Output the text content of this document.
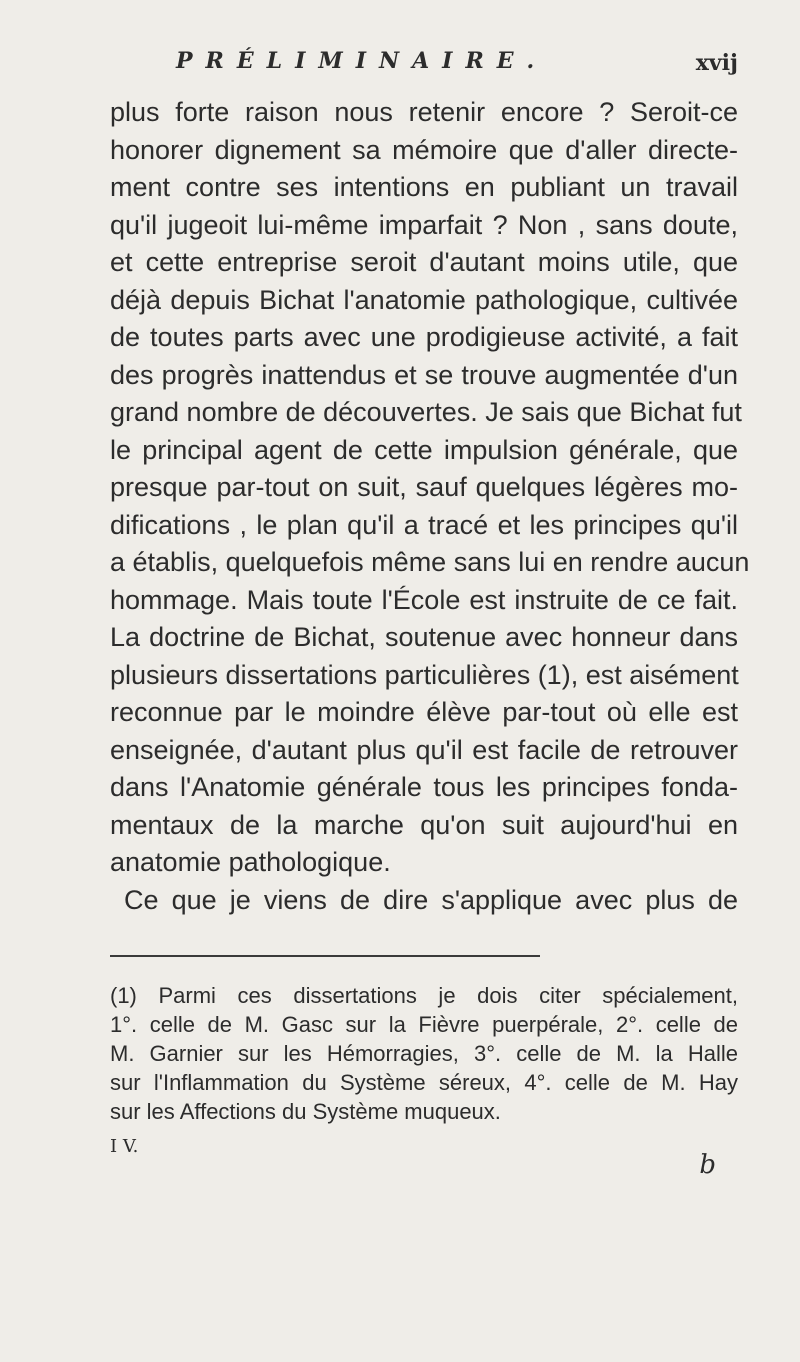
PRÉLIMINAIRE.	xvij

plus forte raison nous retenir encore ? Seroit-ce
honorer dignement sa mémoire que d'aller directe-
ment contre ses intentions en publiant un travail
qu'il jugeoit lui-même imparfait ? Non , sans doute,
et cette entreprise seroit d'autant moins utile, que
déjà depuis Bichat l'anatomie pathologique, cultivée
de toutes parts avec une prodigieuse activité, a fait
des progrès inattendus et se trouve augmentée d'un
grand nombre de découvertes. Je sais que Bichat fut
le principal agent de cette impulsion générale, que
presque par-tout on suit, sauf quelques légères mo-
difications , le plan qu'il a tracé et les principes qu'il
a établis, quelquefois même sans lui en rendre aucun
hommage. Mais toute l'École est instruite de ce fait.
La doctrine de Bichat, soutenue avec honneur dans
plusieurs dissertations particulières (1), est aisément
reconnue par le moindre élève par-tout où elle est
enseignée, d'autant plus qu'il est facile de retrouver
dans l'Anatomie générale tous les principes fonda-
mentaux de la marche qu'on suit aujourd'hui en
anatomie pathologique.
Ce que je viens de dire s'applique avec plus de

(1) Parmi ces dissertations je dois citer spécialement,
1°. celle de M. Gasc sur la Fièvre puerpérale, 2°. celle de
M. Garnier sur les Hémorragies, 3°. celle de M. la Halle
sur l'Inflammation du Système séreux, 4°. celle de M. Hay
sur les Affections du Système muqueux.
I V.
b
